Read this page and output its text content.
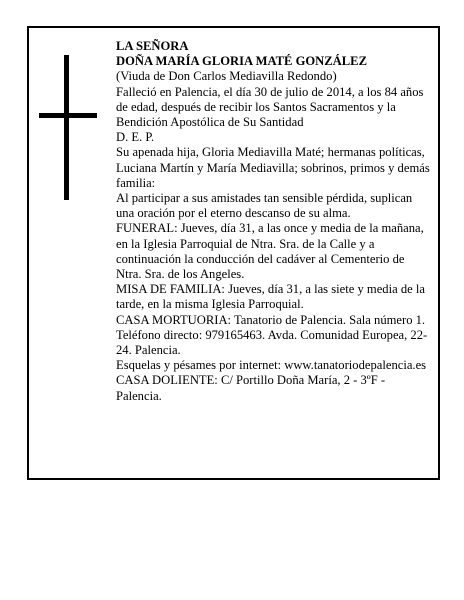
LA SEÑORA

DOÑA MARÍA GLORIA MATÉ GONZÁLEZ

(Viuda de Don Carlos Mediavilla Redondo)

Falleció en Palencia, el día 30 de julio de 2014, a los 84 años de edad, después de recibir los Santos Sacramentos y la Bendición Apostólica de Su Santidad

D. E. P.

Su apenada hija, Gloria Mediavilla Maté; hermanas políticas, Luciana Martín y María Mediavilla; sobrinos, primos y demás familia:

Al participar a sus amistades tan sensible pérdida, suplican una oración por el eterno descanso de su alma.

FUNERAL: Jueves, día 31, a las once y media de la mañana, en la Iglesia Parroquial de Ntra. Sra. de la Calle y a continuación la conducción del cadáver al Cementerio de Ntra. Sra. de los Angeles.

MISA DE FAMILIA: Jueves, día 31, a las siete y media de la tarde, en la misma Iglesia Parroquial.

CASA MORTUORIA: Tanatorio de Palencia. Sala número 1. Teléfono directo: 979165463. Avda. Comunidad Europea, 22-24. Palencia.

Esquelas y pésames por internet: www.tanatoriodepalencia.es

CASA DOLIENTE: C/ Portillo Doña María, 2 - 3ºF - Palencia.
